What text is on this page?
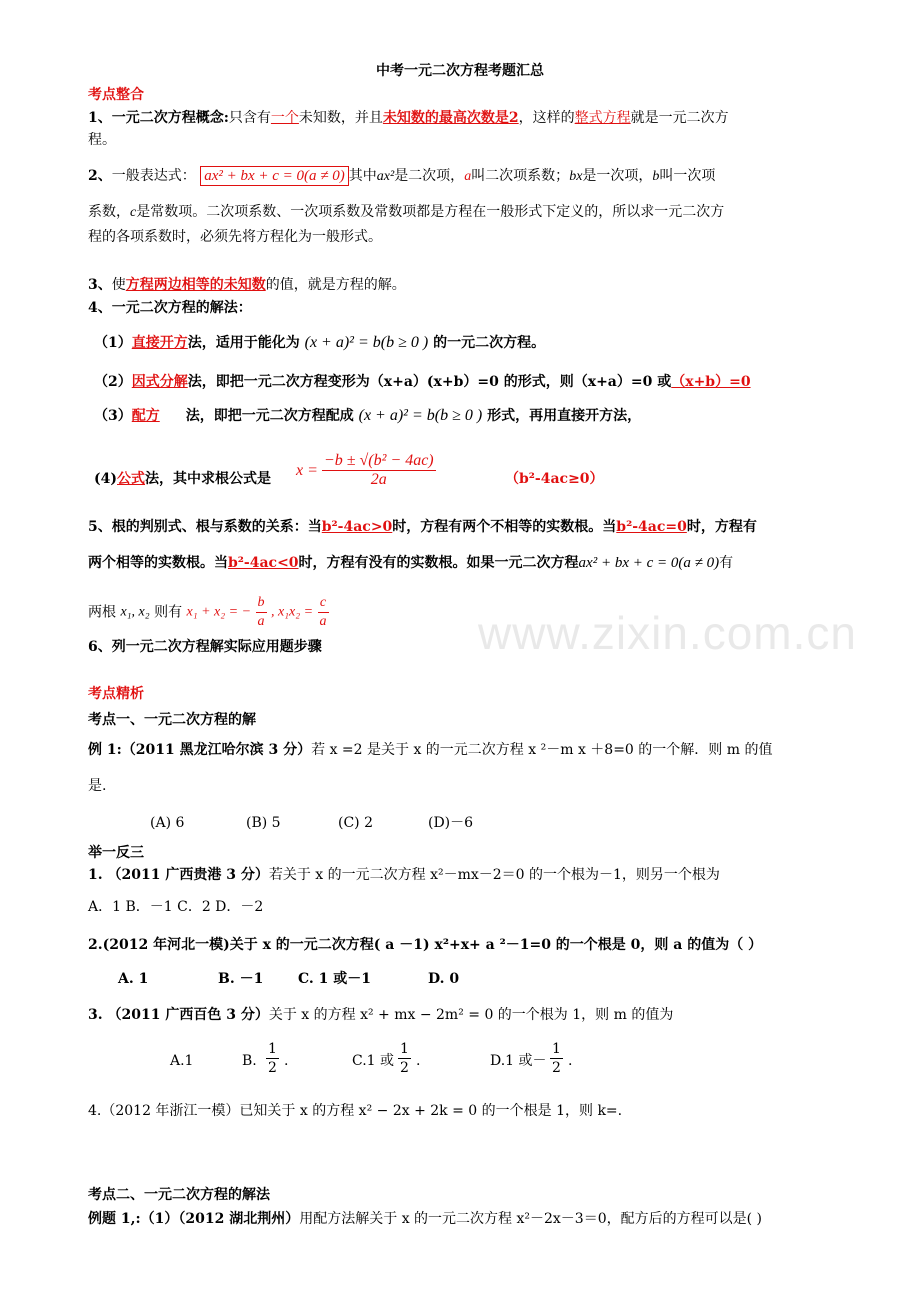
中考一元二次方程考题汇总
考点整合
1、一元二次方程概念:只含有一个未知数，并且未知数的最高次数是2，这样的整式方程就是一元二次方
程。
2、一般表达式： ax² + bx + c = 0(a ≠ 0) 其中ax²是二次项，a叫二次项系数；bx是一次项，b叫一次项
系数，c是常数项。二次项系数、一次项系数及常数项都是方程在一般形式下定义的，所以求一元二次方
程的各项系数时，必须先将方程化为一般形式。
3、使方程两边相等的未知数的值，就是方程的解。
4、一元二次方程的解法：
（1）直接开方法，适用于能化为 (x + a)² = b(b ≥ 0 ) 的一元二次方程。
（2）因式分解法，即把一元二次方程变形为（x+a）(x+b）=0 的形式，则（x+a）=0 或（x+b）=0
（3）配方 法，即把一元二次方程配成 (x + a)² = b(b ≥ 0 ) 形式，再用直接开方法，
(4)公式法，其中求根公式是
$x = \frac{\text{−b ± √(b² − 4ac)}}{2a}$	（b²-4ac≥0）
5、根的判别式、根与系数的关系：当b²-4ac>0时，方程有两个不相等的实数根。当b²-4ac=0时，方程有
两个相等的实数根。当b²-4ac<0时，方程有没有的实数根。如果一元二次方程ax² + bx + c = 0(a ≠ 0)有
两根 x₁, x₂ 则有 x₁ + x₂ = − $\frac{b}{a}$ , $x_1x_2 = \frac{c}{a}$
6、列一元二次方程解实际应用题步骤	www.zixin.com.cn
考点精析
考点一、一元二次方程的解
例 1:（2011 黑龙江哈尔滨 3 分）若 x =2 是关于 x 的一元二次方程 x ²－m x ＋8=0 的一个解．则 m 的值
是.
(A) 6	(B) 5	(C) 2	(D)－6
举一反三
1. （2011 广西贵港 3 分）若关于 x 的一元二次方程 x²－mx－2＝0 的一个根为－1，则另一个根为
A．1 B．－1 C．2 D．－2
2.(2012 年河北一模)关于 x 的一元二次方程( a －1) x²+x+ a ²－1=0 的一个根是 0，则 a 的值为（ ）
A. 1	B. －1 C. 1 或－1	D. 0
3. （2011 广西百色 3 分）关于 x 的方程 x² + mx − 2m² = 0 的一个根为 1，则 m 的值为
A.1	B. $\frac{1}{2}$ .	C.1 或 $\frac{1}{2}$ .	D.1 或－ $\frac{1}{2}$ .
4.（2012 年浙江一模）已知关于 x 的方程 x² − 2x + 2k = 0 的一个根是 1，则 k=.
考点二、一元二次方程的解法
例题 1,:（1）（2012 湖北荆州）用配方法解关于 x 的一元二次方程 x²－2x－3＝0，配方后的方程可以是( )
